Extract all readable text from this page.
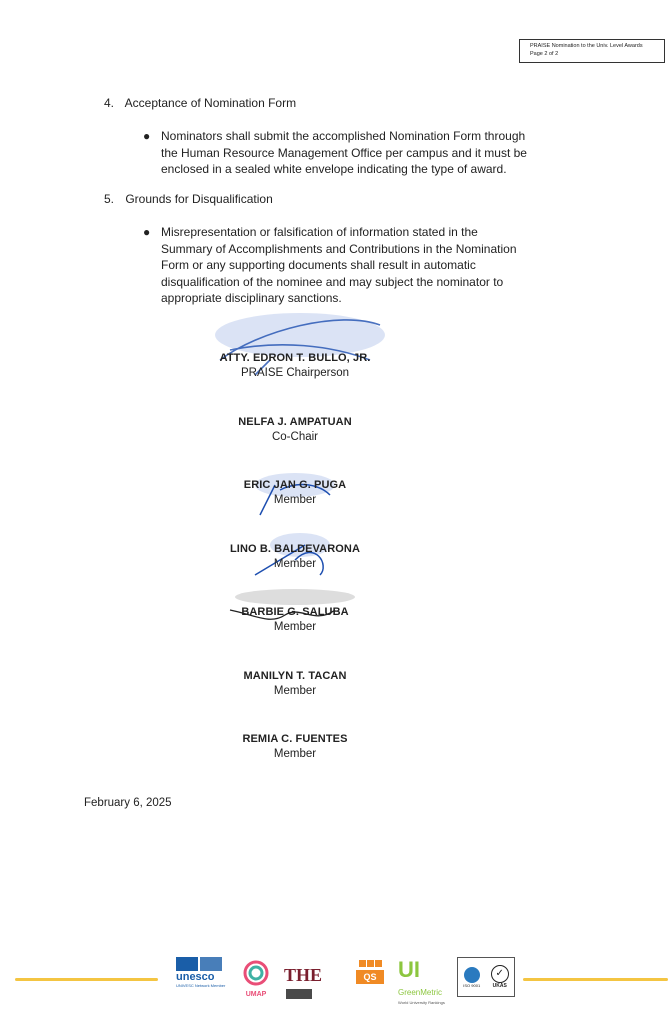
PRAISE Nomination to the Univ. Level Awards
Page 2 of 2
4. Acceptance of Nomination Form
● Nominators shall submit the accomplished Nomination Form through
the Human Resource Management Office per campus and it must be
enclosed in a sealed white envelope indicating the type of award.
5. Grounds for Disqualification
● Misrepresentation or falsification of information stated in the
Summary of Accomplishments and Contributions in the Nomination
Form or any supporting documents shall result in automatic
disqualification of the nominee and may subject the nominator to
appropriate disciplinary sanctions.
ATTY. EDRON T. BULLO, JR.
PRAISE Chairperson
NELFA J. AMPATUAN
Co-Chair
ERIC JAN G. PUGA
Member
LINO B. BALDEVARONA
Member
BARBIE G. SALUBA
Member
MANILYN T. TACAN
Member
REMIA C. FUENTES
Member
February 6, 2025
unesco
UNIVESC Network Member
UMAP
THE	QS UI GreenMetric
World University Rankings
ISO 9001
✓
UKAS
